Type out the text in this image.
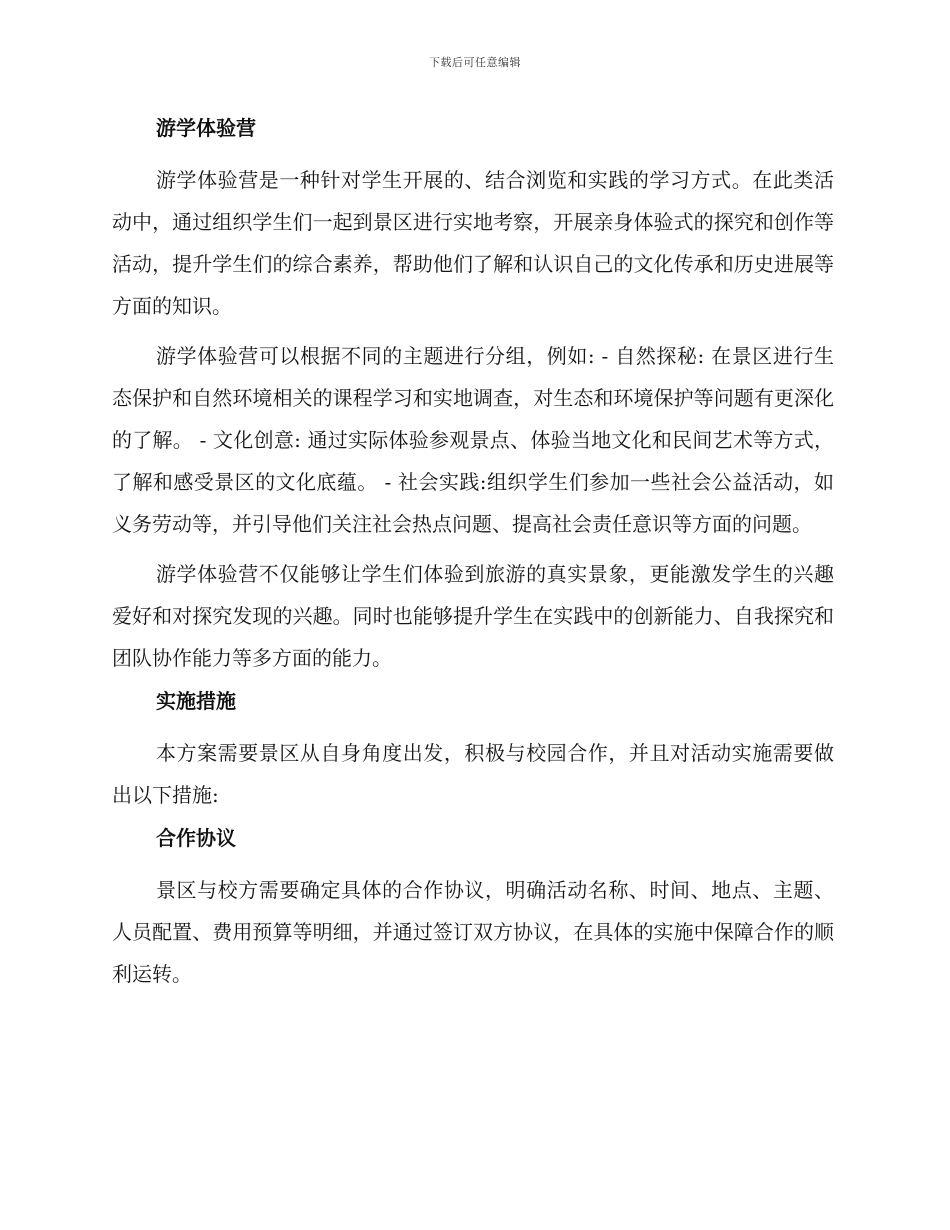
下载后可任意编辑
游学体验营

游学体验营是一种针对学生开展的、结合浏览和实践的学习方式。在此类活动中，通过组织学生们一起到景区进行实地考察，开展亲身体验式的探究和创作等活动，提升学生们的综合素养，帮助他们了解和认识自己的文化传承和历史进展等方面的知识。

游学体验营可以根据不同的主题进行分组，例如: - 自然探秘: 在景区进行生态保护和自然环境相关的课程学习和实地调查，对生态和环境保护等问题有更深化的了解。 - 文化创意: 通过实际体验参观景点、体验当地文化和民间艺术等方式，了解和感受景区的文化底蕴。 - 社会实践:组织学生们参加一些社会公益活动，如义务劳动等，并引导他们关注社会热点问题、提高社会责任意识等方面的问题。

游学体验营不仅能够让学生们体验到旅游的真实景象，更能激发学生的兴趣爱好和对探究发现的兴趣。同时也能够提升学生在实践中的创新能力、自我探究和团队协作能力等多方面的能力。

实施措施

本方案需要景区从自身角度出发，积极与校园合作，并且对活动实施需要做出以下措施:

合作协议

景区与校方需要确定具体的合作协议，明确活动名称、时间、地点、主题、人员配置、费用预算等明细，并通过签订双方协议，在具体的实施中保障合作的顺利运转。
